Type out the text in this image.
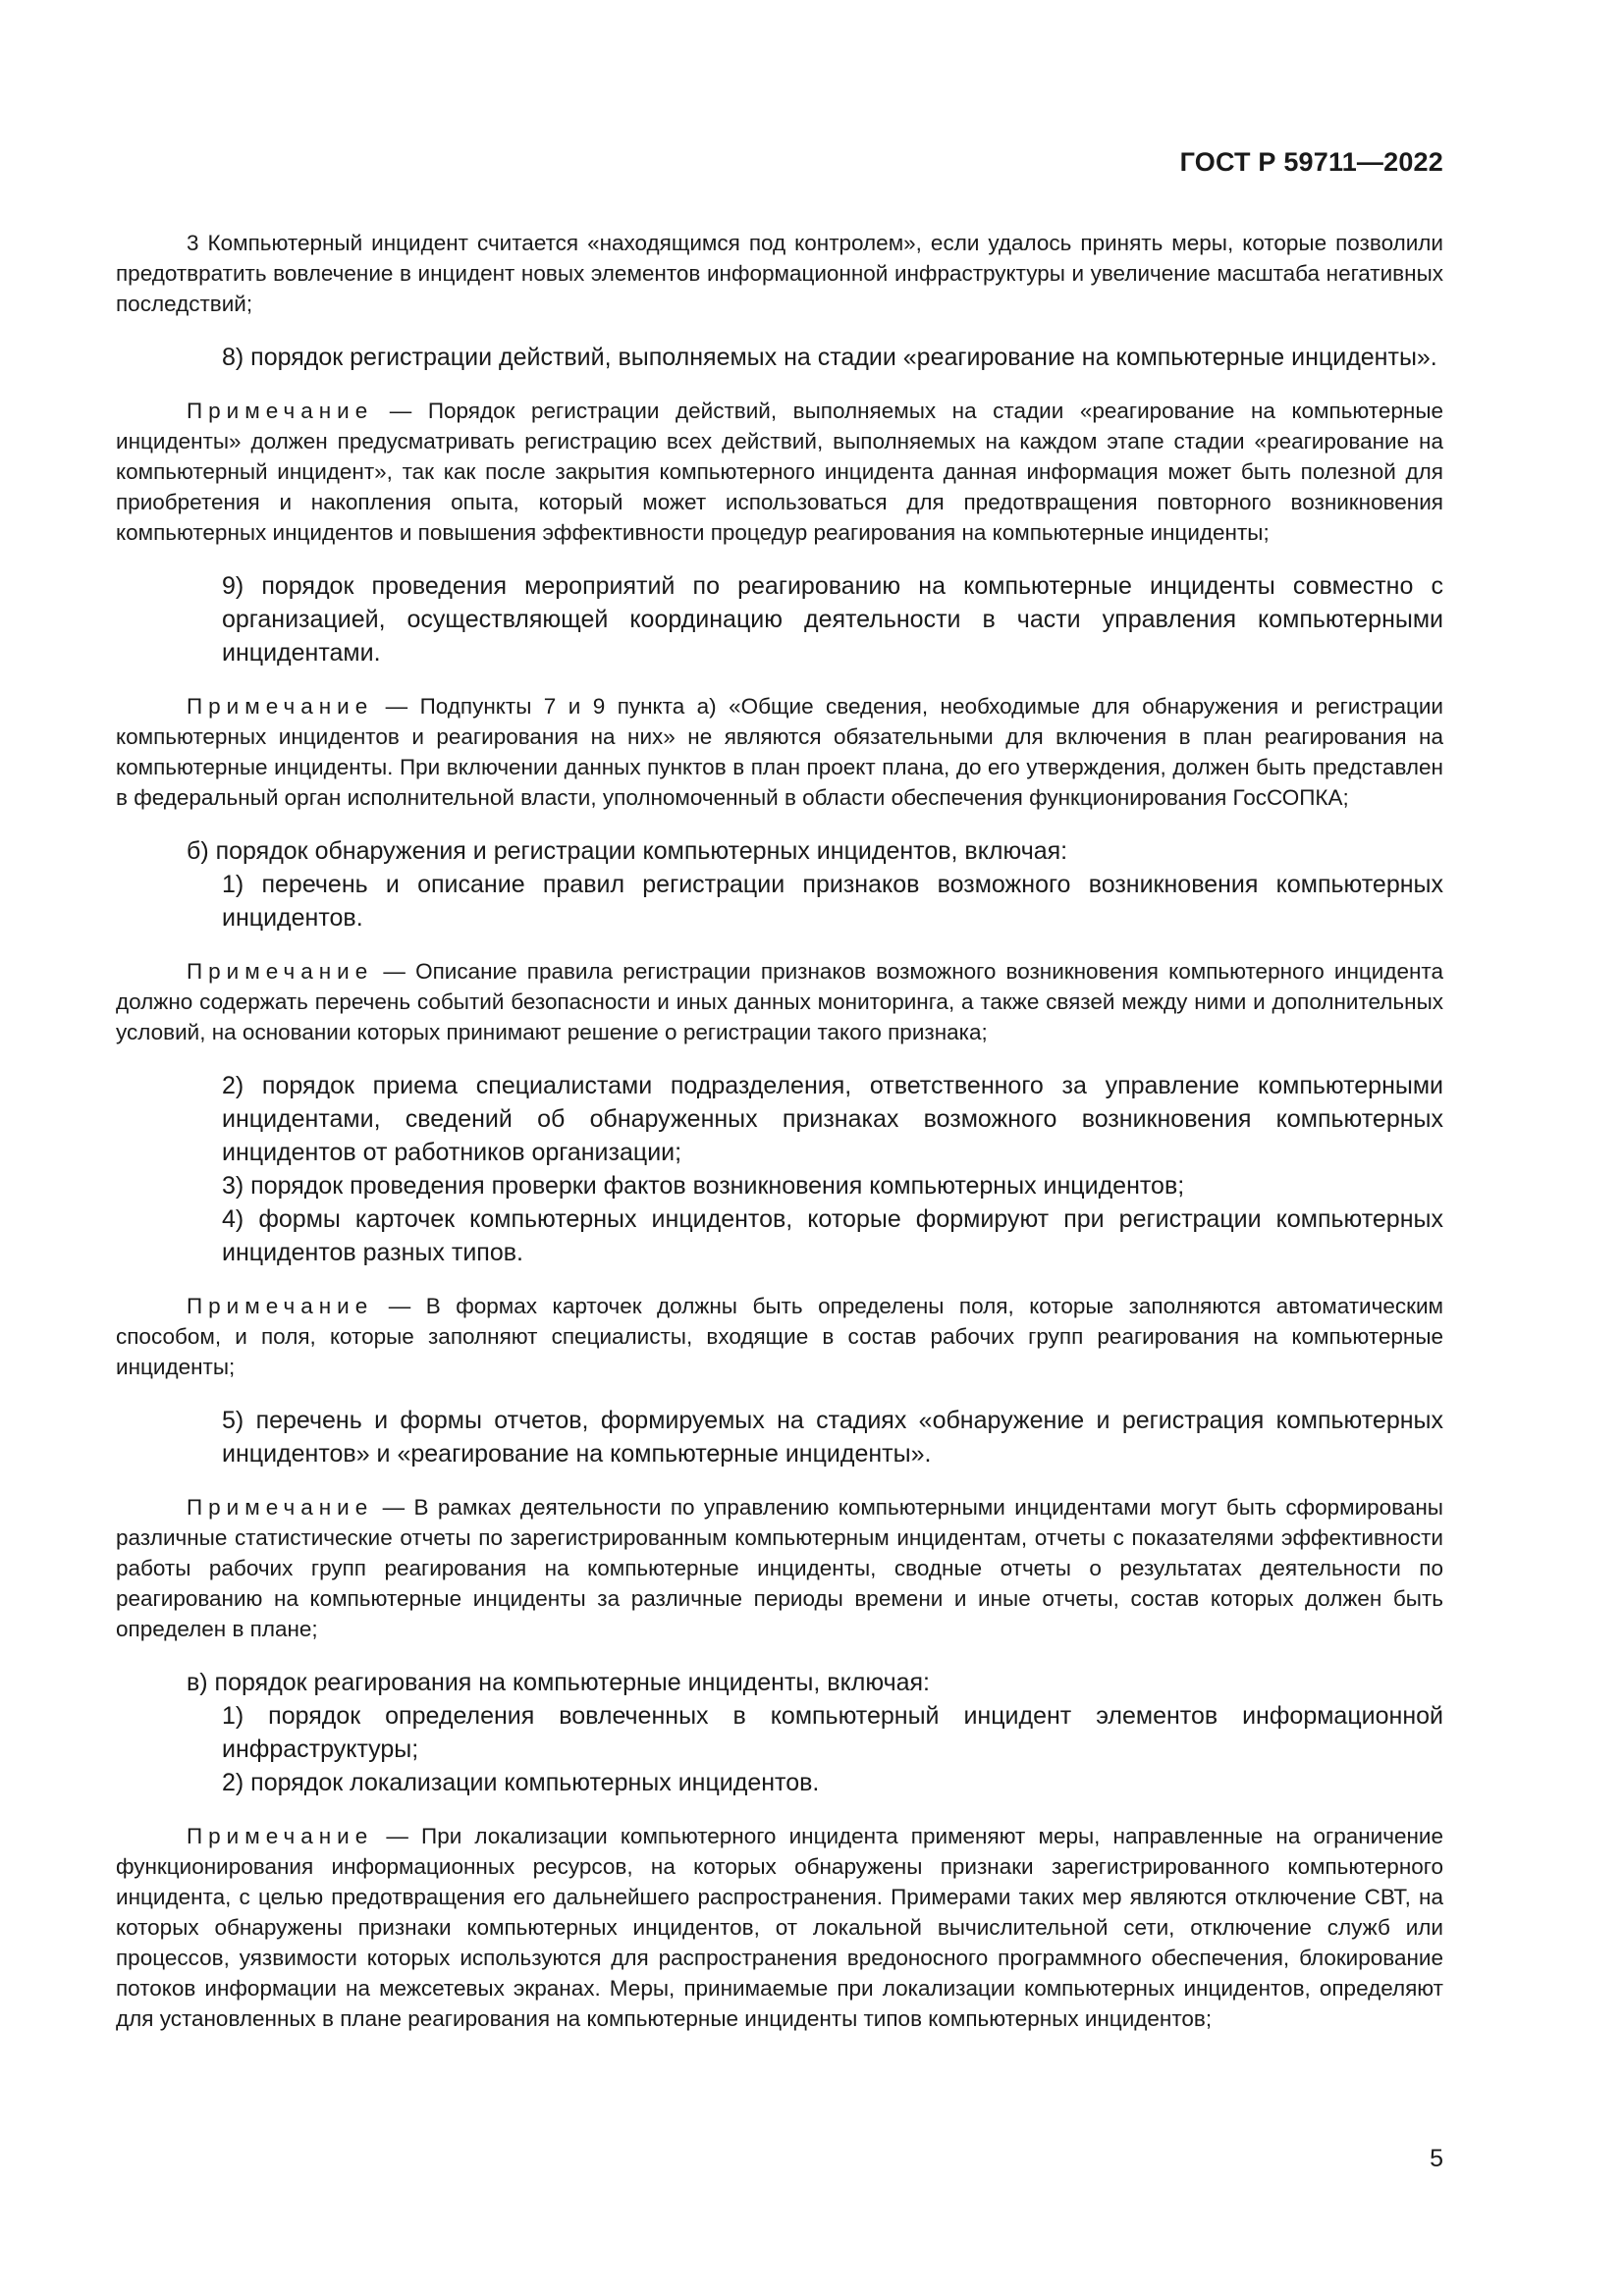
ГОСТ Р 59711—2022

3 Компьютерный инцидент считается «находящимся под контролем», если удалось принять меры, которые позволили предотвратить вовлечение в инцидент новых элементов информационной инфраструктуры и увеличение масштаба негативных последствий;

8) порядок регистрации действий, выполняемых на стадии «реагирование на компьютерные инциденты».

Примечание — Порядок регистрации действий, выполняемых на стадии «реагирование на компьютерные инциденты» должен предусматривать регистрацию всех действий, выполняемых на каждом этапе стадии «реагирование на компьютерный инцидент», так как после закрытия компьютерного инцидента данная информация может быть полезной для приобретения и накопления опыта, который может использоваться для предотвращения повторного возникновения компьютерных инцидентов и повышения эффективности процедур реагирования на компьютерные инциденты;

9) порядок проведения мероприятий по реагированию на компьютерные инциденты совместно с организацией, осуществляющей координацию деятельности в части управления компьютерными инцидентами.

Примечание — Подпункты 7 и 9 пункта а) «Общие сведения, необходимые для обнаружения и регистрации компьютерных инцидентов и реагирования на них» не являются обязательными для включения в план реагирования на компьютерные инциденты. При включении данных пунктов в план проект плана, до его утверждения, должен быть представлен в федеральный орган исполнительной власти, уполномоченный в области обеспечения функционирования ГосСОПКА;

б) порядок обнаружения и регистрации компьютерных инцидентов, включая:

1) перечень и описание правил регистрации признаков возможного возникновения компьютерных инцидентов.

Примечание — Описание правила регистрации признаков возможного возникновения компьютерного инцидента должно содержать перечень событий безопасности и иных данных мониторинга, а также связей между ними и дополнительных условий, на основании которых принимают решение о регистрации такого признака;

2) порядок приема специалистами подразделения, ответственного за управление компьютерными инцидентами, сведений об обнаруженных признаках возможного возникновения компьютерных инцидентов от работников организации;

3) порядок проведения проверки фактов возникновения компьютерных инцидентов;

4) формы карточек компьютерных инцидентов, которые формируют при регистрации компьютерных инцидентов разных типов.

Примечание — В формах карточек должны быть определены поля, которые заполняются автоматическим способом, и поля, которые заполняют специалисты, входящие в состав рабочих групп реагирования на компьютерные инциденты;

5) перечень и формы отчетов, формируемых на стадиях «обнаружение и регистрация компьютерных инцидентов» и «реагирование на компьютерные инциденты».

Примечание — В рамках деятельности по управлению компьютерными инцидентами могут быть сформированы различные статистические отчеты по зарегистрированным компьютерным инцидентам, отчеты с показателями эффективности работы рабочих групп реагирования на компьютерные инциденты, сводные отчеты о результатах деятельности по реагированию на компьютерные инциденты за различные периоды времени и иные отчеты, состав которых должен быть определен в плане;

в) порядок реагирования на компьютерные инциденты, включая:

1) порядок определения вовлеченных в компьютерный инцидент элементов информационной инфраструктуры;

2) порядок локализации компьютерных инцидентов.

Примечание — При локализации компьютерного инцидента применяют меры, направленные на ограничение функционирования информационных ресурсов, на которых обнаружены признаки зарегистрированного компьютерного инцидента, с целью предотвращения его дальнейшего распространения. Примерами таких мер являются отключение СВТ, на которых обнаружены признаки компьютерных инцидентов, от локальной вычислительной сети, отключение служб или процессов, уязвимости которых используются для распространения вредоносного программного обеспечения, блокирование потоков информации на межсетевых экранах. Меры, принимаемые при локализации компьютерных инцидентов, определяют для установленных в плане реагирования на компьютерные инциденты типов компьютерных инцидентов;

5
